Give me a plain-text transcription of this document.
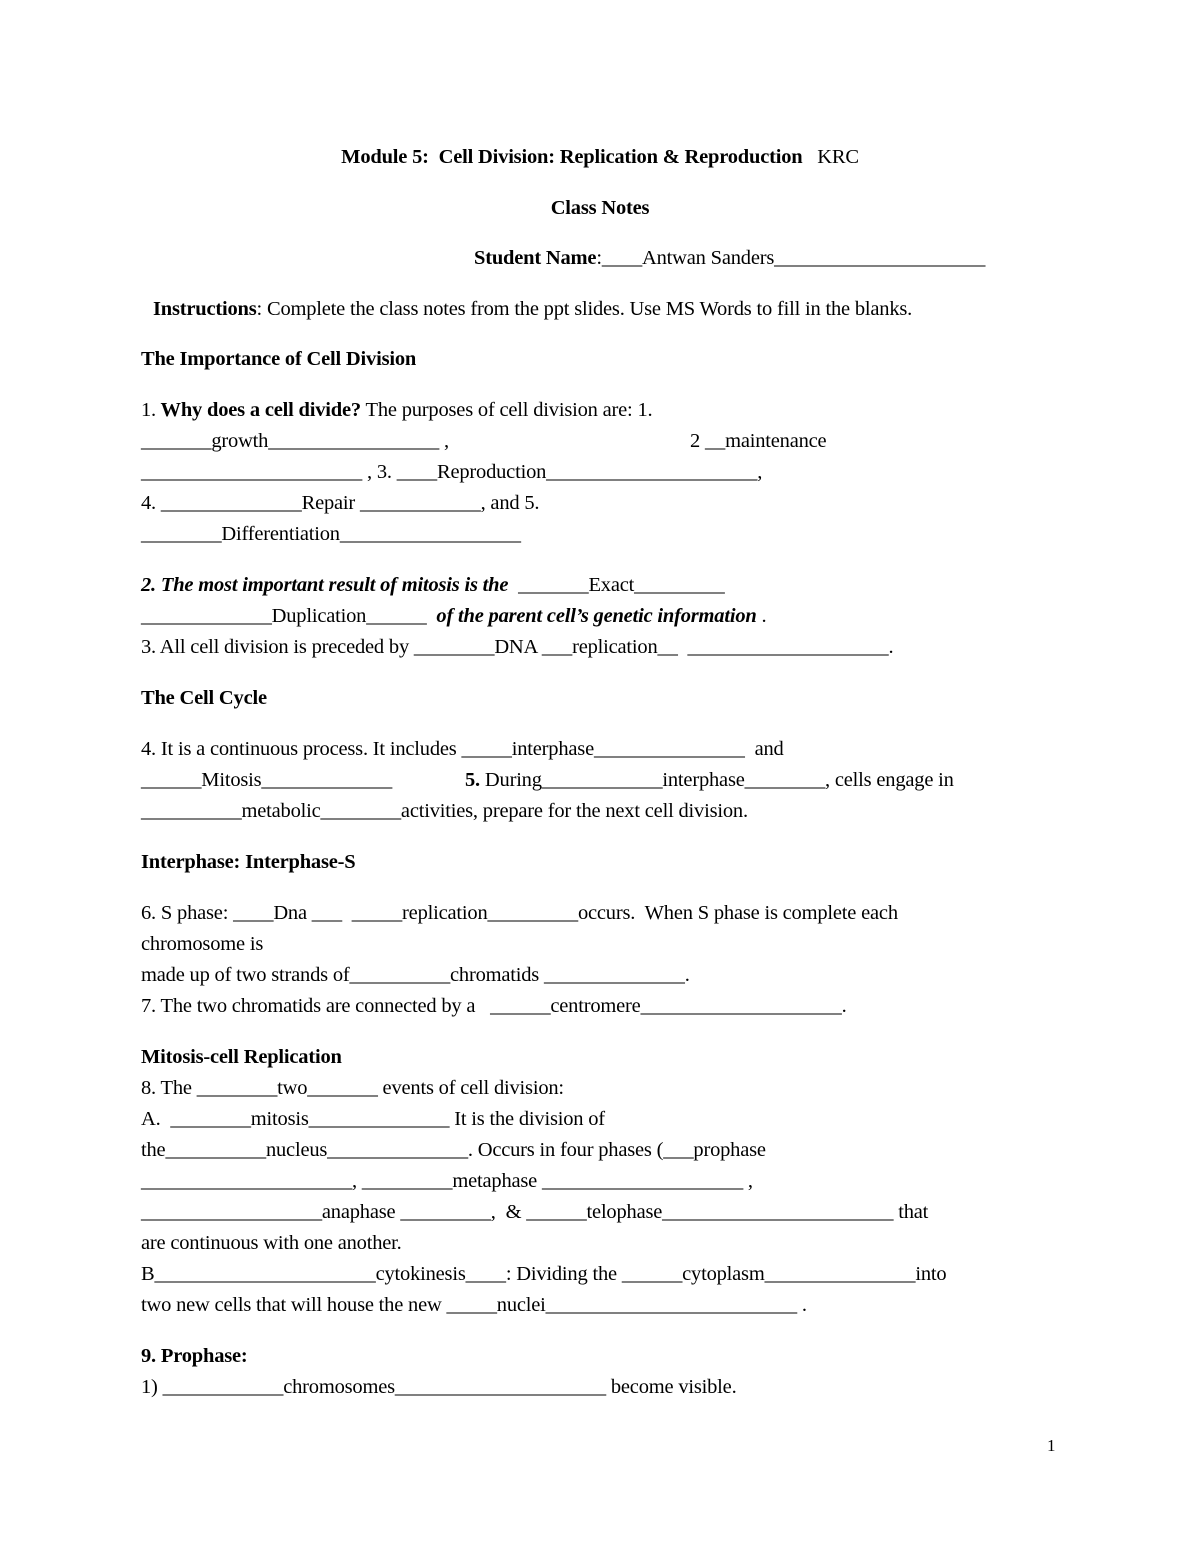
Module 5:  Cell Division: Replication & Reproduction KRC
Class Notes
Student Name:____Antwan Sanders_____________________
Instructions: Complete the class notes from the ppt slides. Use MS Words to fill in the blanks.
The Importance of Cell Division
1. Why does a cell divide? The purposes of cell division are: 1.
_______growth_________________ ,	2 __maintenance
______________________ , 3. ____Reproduction_____________________,
4. ______________Repair ____________, and 5.
________Differentiation__________________
2. The most important result of mitosis is the  _______Exact_________
_____________Duplication______ of the parent cell’s genetic information .
3. All cell division is preceded by ________DNA ___replication__  ____________________.
The Cell Cycle
4. It is a continuous process. It includes _____interphase_______________  and
______Mitosis_____________	5. During____________interphase________, cells engage in
__________metabolic________activities, prepare for the next cell division.
Interphase: Interphase-S
6. S phase: ____Dna ___  _____replication_________occurs.  When S phase is complete each
chromosome is
made up of two strands of__________chromatids ______________.
7. The two chromatids are connected by a   ______centromere____________________.
Mitosis-cell Replication
8. The ________two_______ events of cell division:
A.  ________mitosis______________ It is the division of
the__________nucleus______________. Occurs in four phases (___prophase
_____________________, _________metaphase ____________________ ,
__________________anaphase _________,  & ______telophase_______________________ that
are continuous with one another.
B______________________cytokinesis____: Dividing the ______cytoplasm_______________into
two new cells that will house the new _____nuclei_________________________ .
9. Prophase:
1) ____________chromosomes_____________________ become visible.
1
